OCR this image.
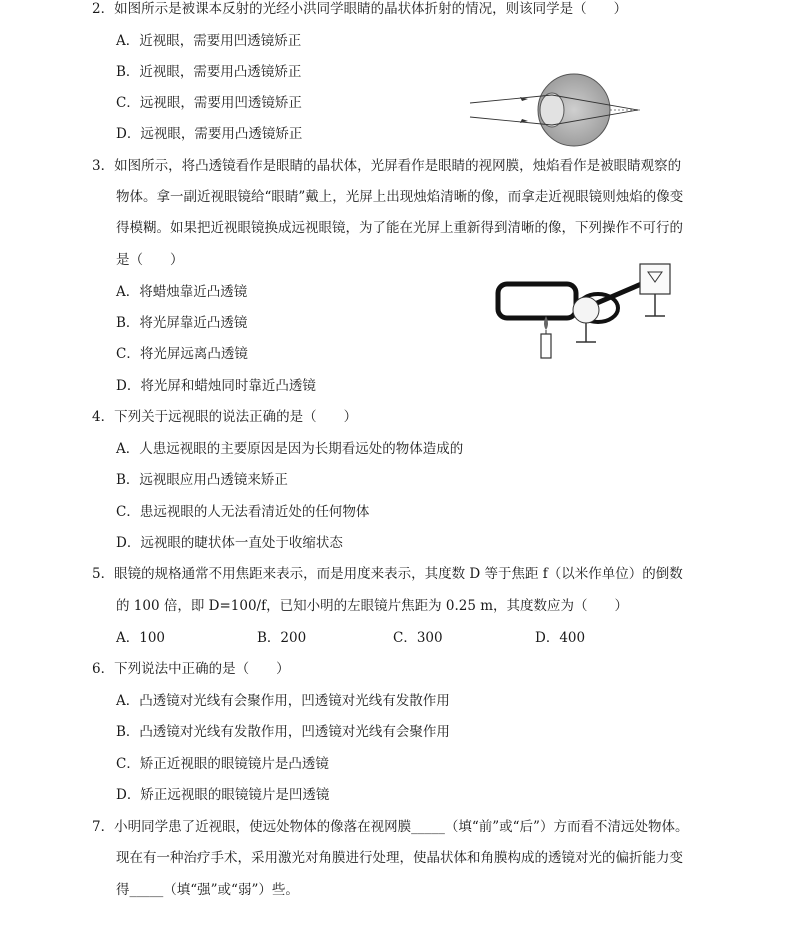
2．如图所示是被课本反射的光经小洪同学眼睛的晶状体折射的情况，则该同学是（　　）
A．近视眼，需要用凹透镜矫正
B．近视眼，需要用凸透镜矫正
C．远视眼，需要用凹透镜矫正
D．远视眼，需要用凸透镜矫正
3．如图所示，将凸透镜看作是眼睛的晶状体，光屏看作是眼睛的视网膜，烛焰看作是被眼睛观察的
物体。拿一副近视眼镜给“眼睛”戴上，光屏上出现烛焰清晰的像，而拿走近视眼镜则烛焰的像变
得模糊。如果把近视眼镜换成远视眼镜，为了能在光屏上重新得到清晰的像，下列操作不可行的
是（　　）
A．将蜡烛靠近凸透镜
B．将光屏靠近凸透镜
C．将光屏远离凸透镜
D．将光屏和蜡烛同时靠近凸透镜
4．下列关于远视眼的说法正确的是（　　）
A．人患远视眼的主要原因是因为长期看远处的物体造成的
B．远视眼应用凸透镜来矫正
C．患远视眼的人无法看清近处的任何物体
D．远视眼的睫状体一直处于收缩状态
5．眼镜的规格通常不用焦距来表示，而是用度来表示，其度数 D 等于焦距 f（以米作单位）的倒数
的 100 倍，即 D=100/f，已知小明的左眼镜片焦距为 0.25 m，其度数应为（　　）
A．100	B．200	C．300	D．400
6．下列说法中正确的是（　　）
A．凸透镜对光线有会聚作用，凹透镜对光线有发散作用
B．凸透镜对光线有发散作用，凹透镜对光线有会聚作用
C．矫正近视眼的眼镜镜片是凸透镜
D．矫正远视眼的眼镜镜片是凹透镜
7．小明同学患了近视眼，使远处物体的像落在视网膜_____（填“前”或“后”）方而看不清远处物体。
现在有一种治疗手术，采用激光对角膜进行处理，使晶状体和角膜构成的透镜对光的偏折能力变
得_____（填“强”或“弱”）些。
